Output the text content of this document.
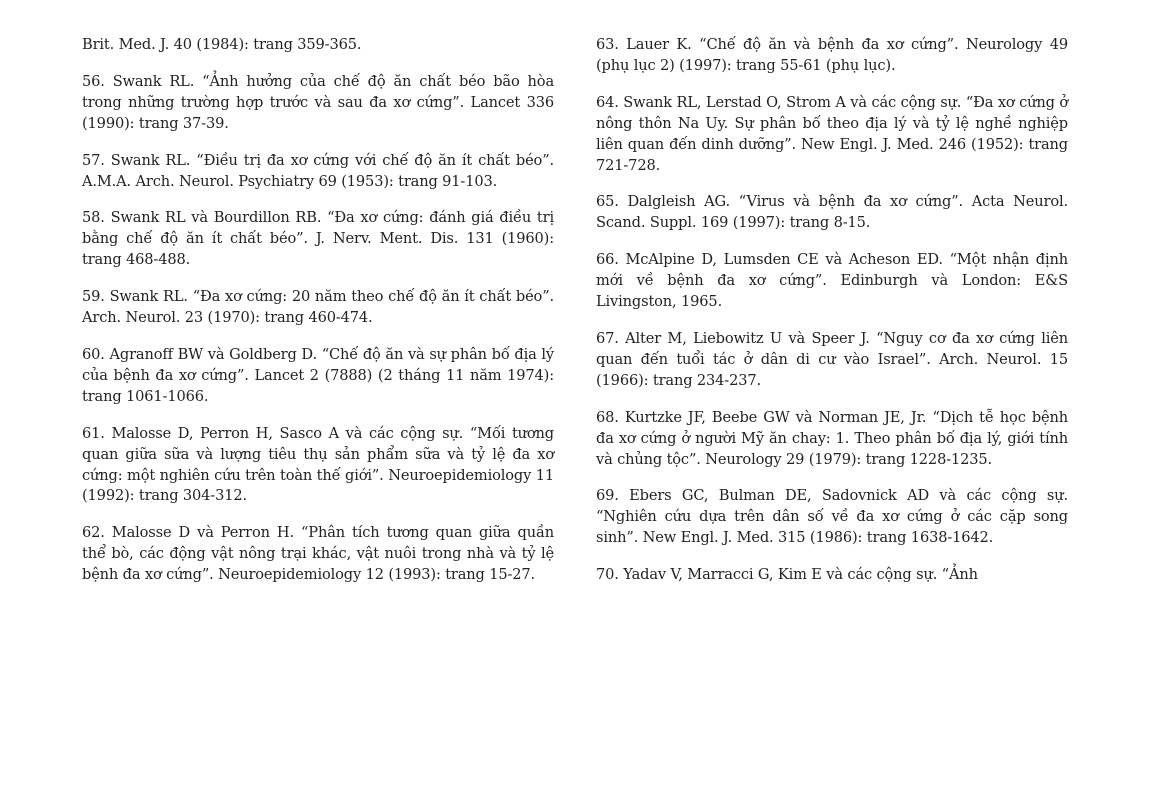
Brit. Med. J. 40 (1984): trang 359-365.

56. Swank RL. “Ảnh hưởng của chế độ ăn chất béo bão hòa trong những trường hợp trước và sau đa xơ cứng”. Lancet 336 (1990): trang 37-39.

57. Swank RL. “Điều trị đa xơ cứng với chế độ ăn ít chất béo”. A.M.A. Arch. Neurol. Psychiatry 69 (1953): trang 91-103.

58. Swank RL và Bourdillon RB. “Đa xơ cứng: đánh giá điều trị bằng chế độ ăn ít chất béo”. J. Nerv. Ment. Dis. 131 (1960): trang 468-488.

59. Swank RL. “Đa xơ cứng: 20 năm theo chế độ ăn ít chất béo”. Arch. Neurol. 23 (1970): trang 460-474.

60. Agranoff BW và Goldberg D. “Chế độ ăn và sự phân bố địa lý của bệnh đa xơ cứng”. Lancet 2 (7888) (2 tháng 11 năm 1974): trang 1061-1066.

61. Malosse D, Perron H, Sasco A và các cộng sự. “Mối tương quan giữa sữa và lượng tiêu thụ sản phẩm sữa và tỷ lệ đa xơ cứng: một nghiên cứu trên toàn thế giới”. Neuroepidemiology 11 (1992): trang 304-312.

62. Malosse D và Perron H. “Phân tích tương quan giữa quần thể bò, các động vật nông trại khác, vật nuôi trong nhà và tỷ lệ bệnh đa xơ cứng”. Neuroepidemiology 12 (1993): trang 15-27.

63. Lauer K. “Chế độ ăn và bệnh đa xơ cứng”. Neurology 49 (phụ lục 2) (1997): trang 55-61 (phụ lục).

64. Swank RL, Lerstad O, Strom A và các cộng sự. “Đa xơ cứng ở nông thôn Na Uy. Sự phân bố theo địa lý và tỷ lệ nghề nghiệp liên quan đến dinh dưỡng”. New Engl. J. Med. 246 (1952): trang 721-728.

65. Dalgleish AG. “Virus và bệnh đa xơ cứng”. Acta Neurol. Scand. Suppl. 169 (1997): trang 8-15.

66. McAlpine D, Lumsden CE và Acheson ED. “Một nhận định mới về bệnh đa xơ cứng”. Edinburgh và London: E&S Livingston, 1965.

67. Alter M, Liebowitz U và Speer J. “Nguy cơ đa xơ cứng liên quan đến tuổi tác ở dân di cư vào Israel”. Arch. Neurol. 15 (1966): trang 234-237.

68. Kurtzke JF, Beebe GW và Norman JE, Jr. “Dịch tễ học bệnh đa xơ cứng ở người Mỹ ăn chay: 1. Theo phân bố địa lý, giới tính và chủng tộc”. Neurology 29 (1979): trang 1228-1235.

69. Ebers GC, Bulman DE, Sadovnick AD và các cộng sự. “Nghiên cứu dựa trên dân số về đa xơ cứng ở các cặp song sinh”. New Engl. J. Med. 315 (1986): trang 1638-1642.

70. Yadav V, Marracci G, Kim E và các cộng sự. “Ảnh
